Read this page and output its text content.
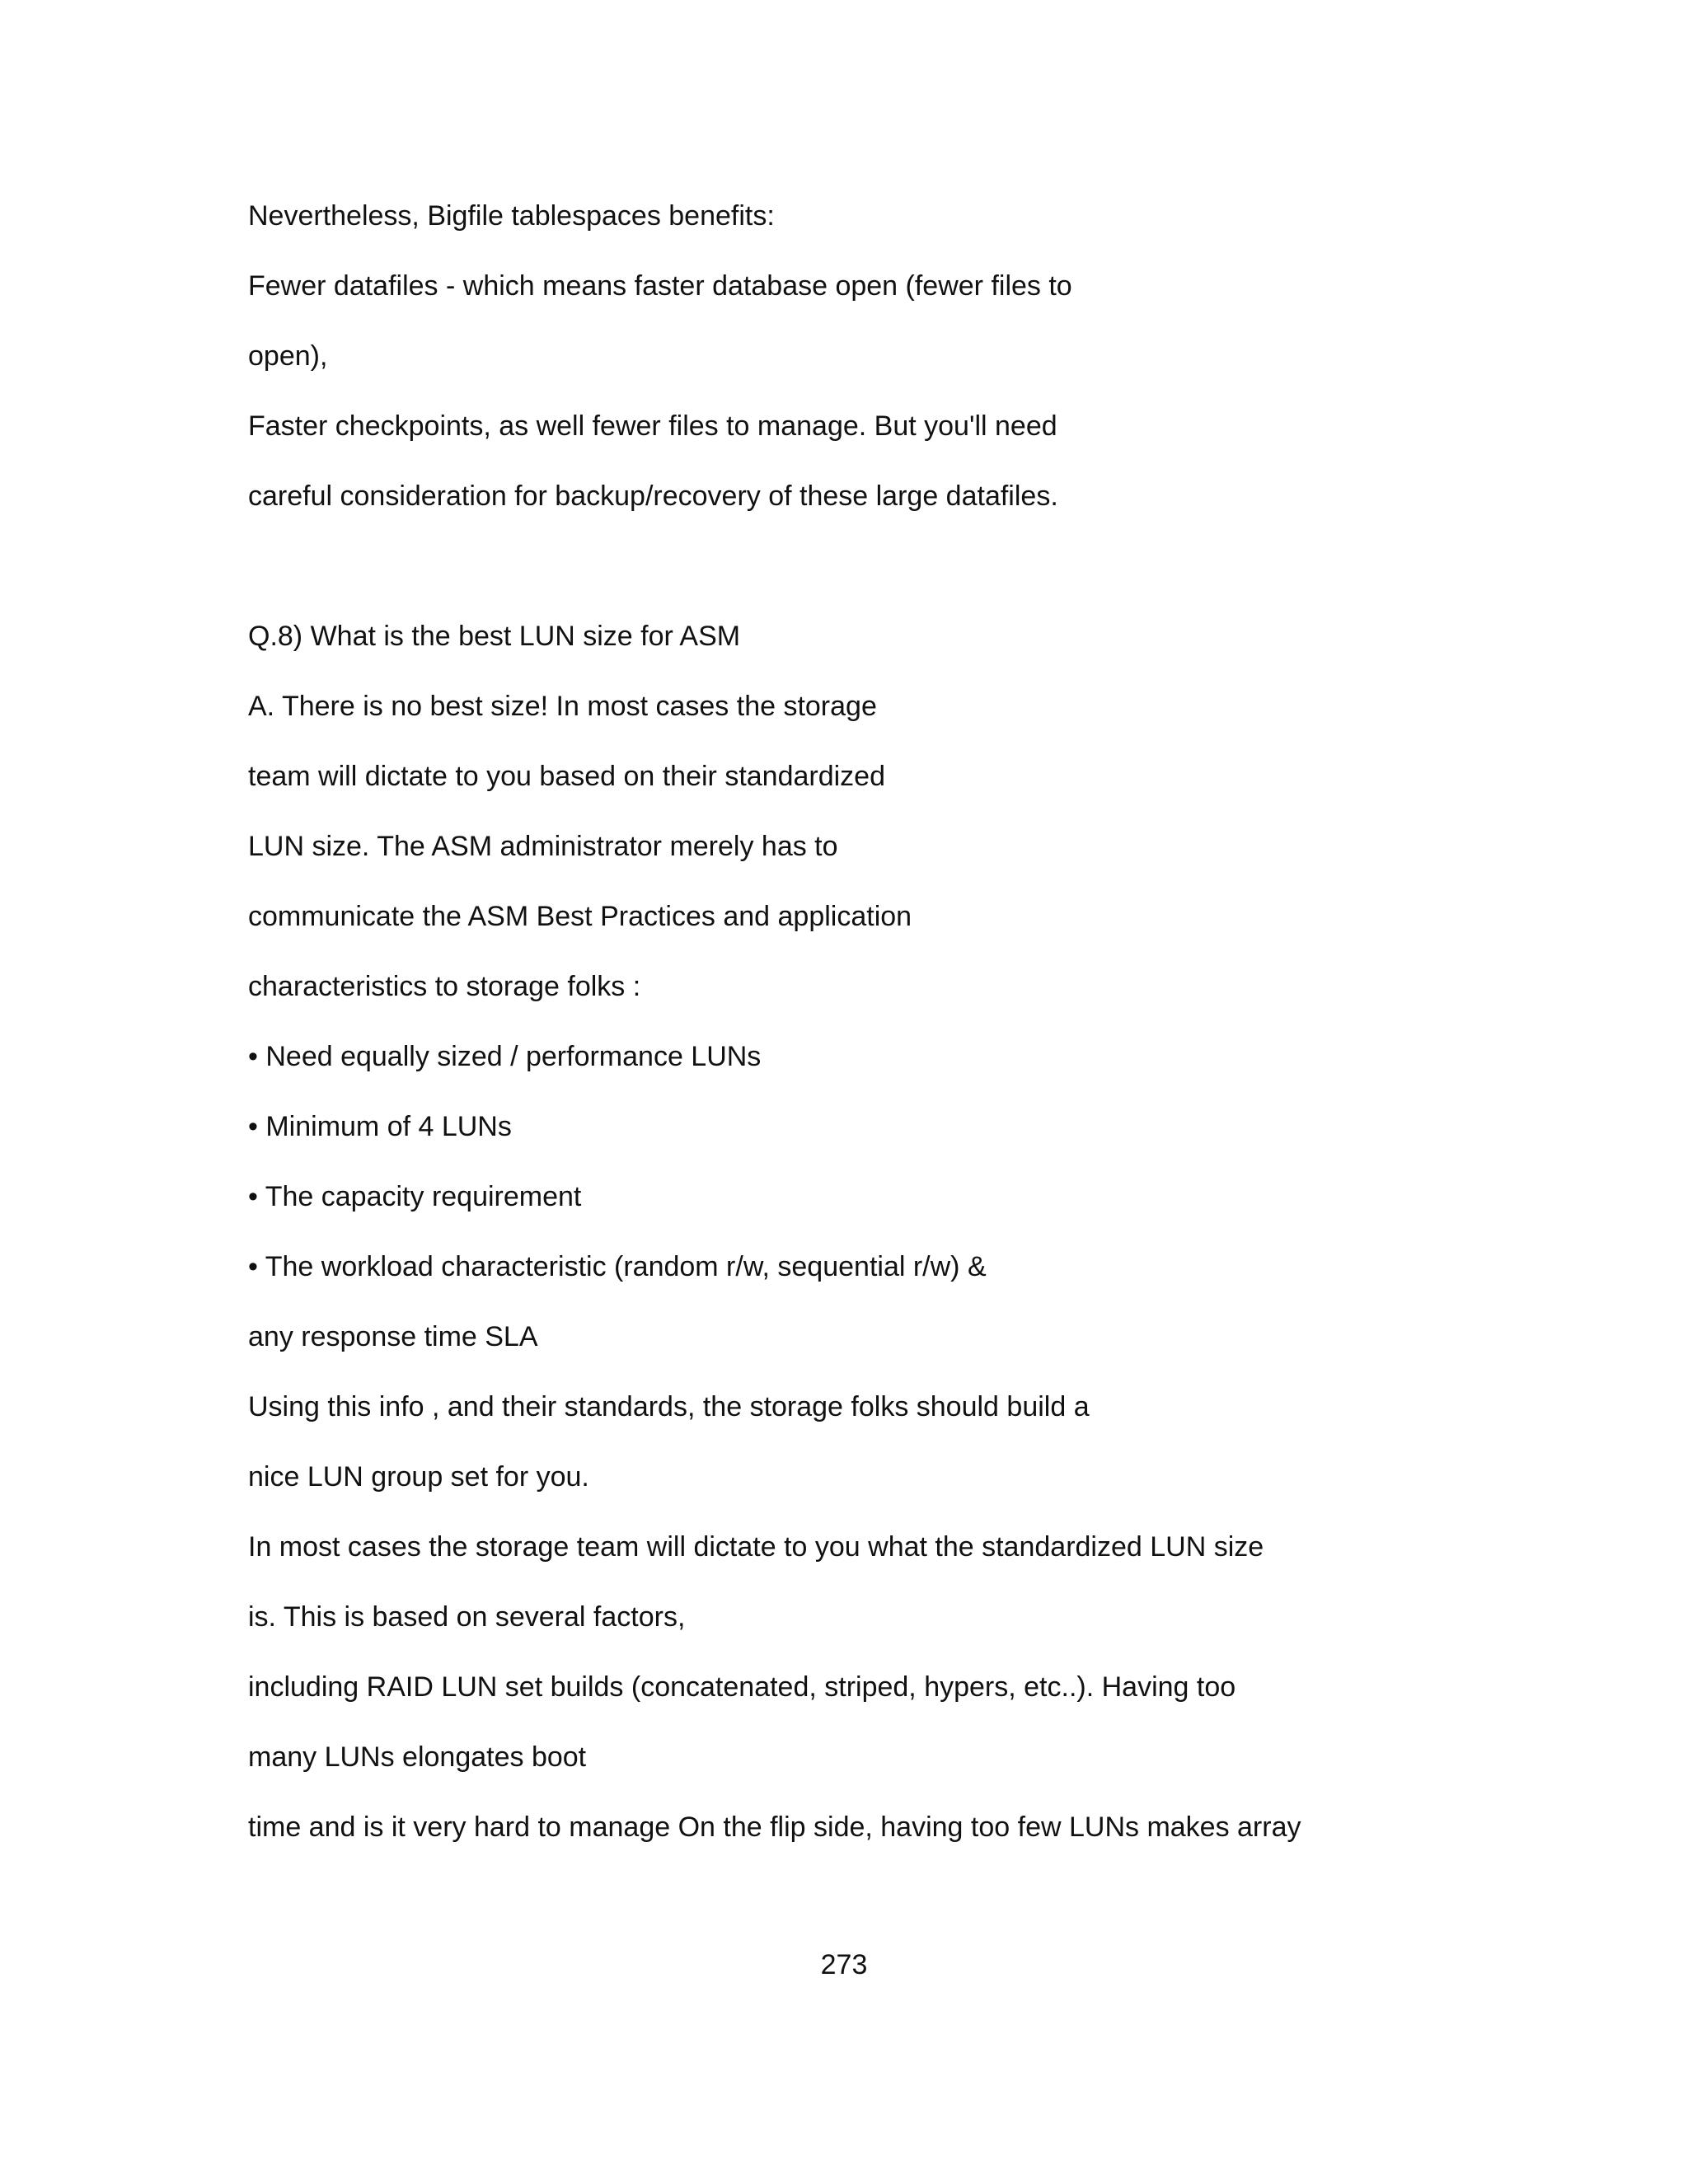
Nevertheless, Bigfile tablespaces benefits:
Fewer datafiles - which means faster database open (fewer files to
open),
Faster checkpoints, as well fewer files to manage. But you'll need
careful consideration for backup/recovery of these large datafiles.
Q.8) What is the best LUN size for ASM
A. There is no best size! In most cases the storage
team will dictate to you based on their standardized
LUN size. The ASM administrator merely has to
communicate the ASM Best Practices and application
characteristics to storage folks :
• Need equally sized / performance LUNs
• Minimum of 4 LUNs
• The capacity requirement
• The workload characteristic (random r/w, sequential r/w) &
any response time SLA
Using this info , and their standards, the storage folks should build a
nice LUN group set for you.
In most cases the storage team will dictate to you what the standardized LUN size
is. This is based on several factors,
including RAID LUN set builds (concatenated, striped, hypers, etc..). Having too
many LUNs elongates boot
time and is it very hard to manage On the flip side, having too few LUNs makes array
273
